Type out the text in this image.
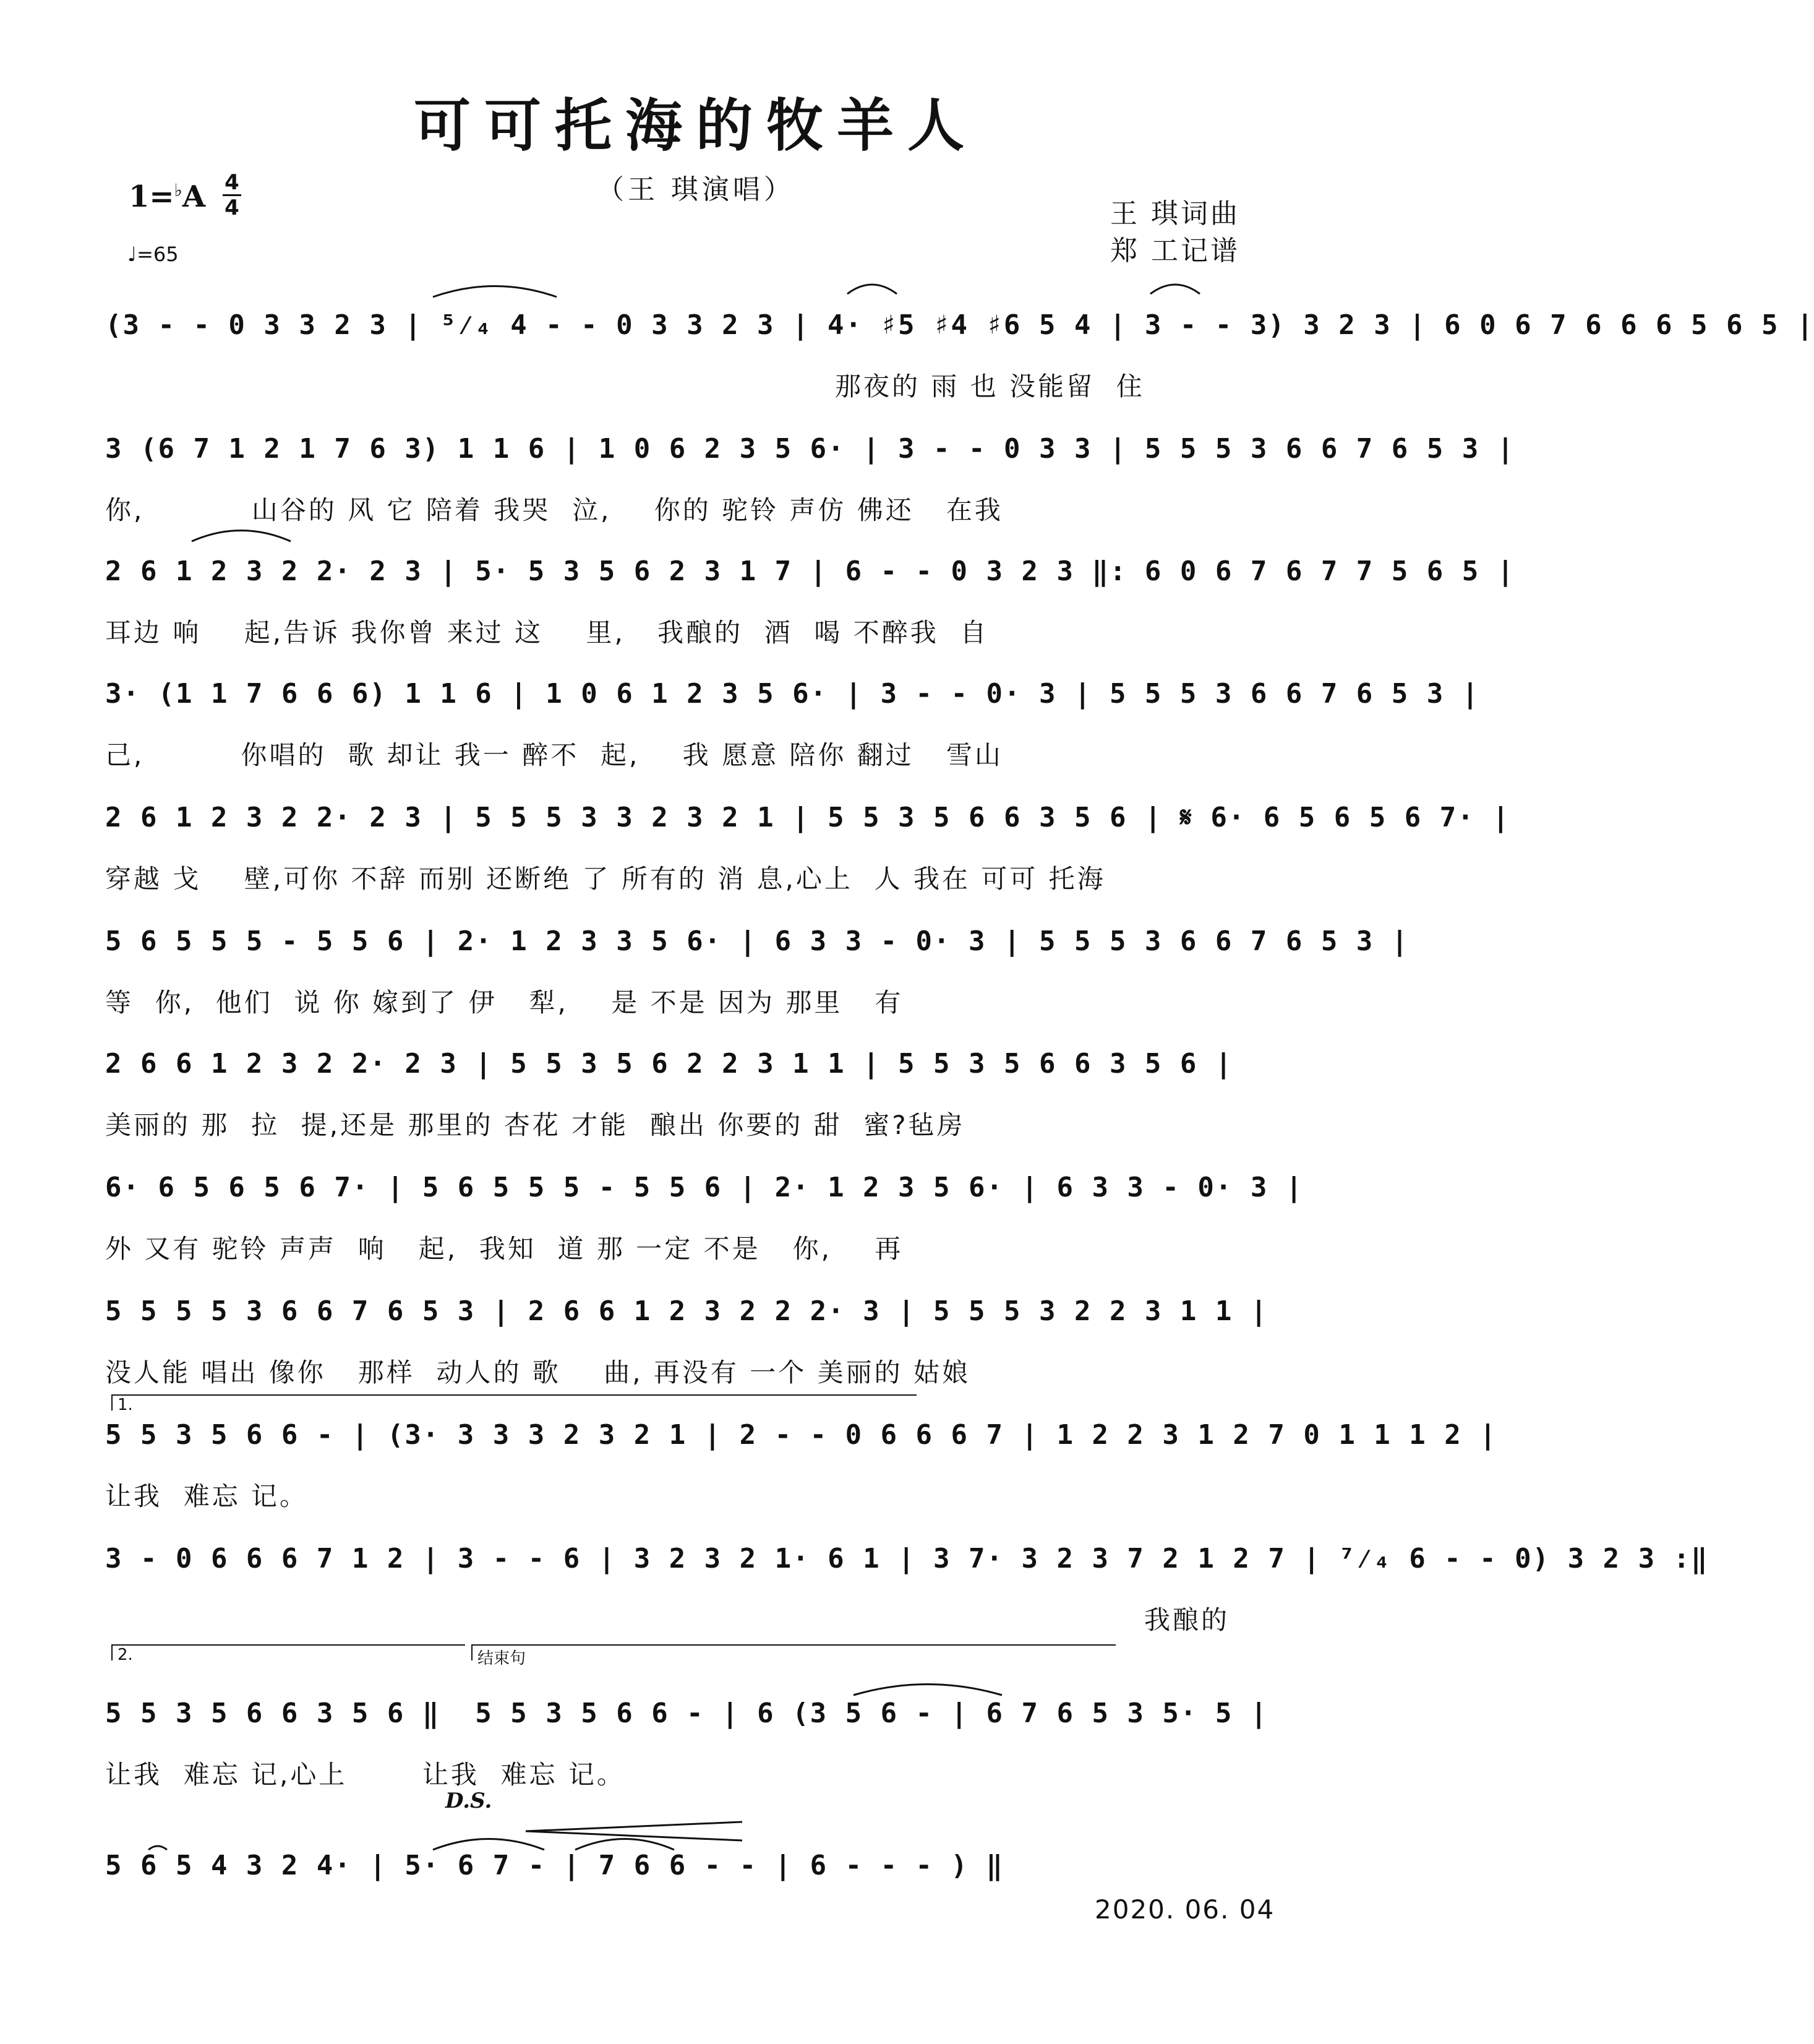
可可托海的牧羊人
（王 琪演唱）
1=♭A 4
4
♩=65
王 琪词曲
郑 工记谱
(3 - - 0 3 3 2 3 | ⁵⁄₄ 4 - - 0 3 3 2 3 | 4· ♯5 ♯4 ♯6 5 4 | 3 - - 3) 3 2 3 | 6 0 6 7 6 6 6 5 6 5 |
那夜的 雨 也 没能留  住
3 (6 7 1 2 1 7 6 3) 1 1 6 | 1 0 6 2 3 5 6· | 3 - - 0 3 3 | 5 5 5 3 6 6 7 6 5 3 |
你,          山谷的 风 它 陪着 我哭  泣,    你的 驼铃 声仿 佛还   在我
2 6 1 2 3 2 2· 2 3 | 5· 5 3 5 6 2 3 1 7 | 6 - - 0 3 2 3 ‖: 6 0 6 7 6 7 7 5 6 5 |
耳边 响    起,告诉 我你曾 来过 这    里,   我酿的  酒  喝 不醉我  自
3· (1 1 7 6 6 6) 1 1 6 | 1 0 6 1 2 3 5 6· | 3 - - 0· 3 | 5 5 5 3 6 6 7 6 5 3 |
己,         你唱的  歌 却让 我一 醉不  起,    我 愿意 陪你 翻过   雪山
2 6 1 2 3 2 2· 2 3 | 5 5 5 3 3 2 3 2 1 | 5 5 3 5 6 6 3 5 6 | 𝄋 6· 6 5 6 5 6 7· |
穿越 戈    壁,可你 不辞 而别 还断绝 了 所有的 消 息,心上  人 我在 可可 托海
5 6 5 5 5 - 5 5 6 | 2· 1 2 3 3 5 6· | 6 3 3 - 0· 3 | 5 5 5 3 6 6 7 6 5 3 |
等  你,  他们  说 你 嫁到了 伊   犁,    是 不是 因为 那里   有
2 6 6 1 2 3 2 2· 2 3 | 5 5 3 5 6 2 2 3 1 1 | 5 5 3 5 6 6 3 5 6 |
美丽的 那  拉  提,还是 那里的 杏花 才能  酿出 你要的 甜  蜜?毡房
6· 6 5 6 5 6 7· | 5 6 5 5 5 - 5 5 6 | 2· 1 2 3 5 6· | 6 3 3 - 0· 3 |
外 又有 驼铃 声声  响   起,  我知  道 那 一定 不是   你,    再
5 5 5 5 3 6 6 7 6 5 3 | 2 6 6 1 2 3 2 2 2· 3 | 5 5 5 3 2 2 3 1 1 |
没人能 唱出 像你   那样  动人的 歌    曲, 再没有 一个 美丽的 姑娘
1.
5 5 3 5 6 6 - | (3· 3 3 3 2 3 2 1 | 2 - - 0 6 6 6 7 | 1 2 2 3 1 2 7 0 1 1 1 2 |
让我  难忘 记。
3 - 0 6 6 6 7 1 2 | 3 - - 6 | 3 2 3 2 1· 6 1 | 3 7· 3 2 3 7 2 1 2 7 | ⁷⁄₄ 6 - - 0) 3 2 3 :‖
我酿的
2.	结束句
5 5 3 5 6 6 3 5 6 ‖  5 5 3 5 6 6 - | 6 (3 5 6 - | 6 7 6 5 3 5· 5 |
让我  难忘 记,心上       让我  难忘 记。
D.S.
5 6 5 4 3 2 4· | 5· 6 7 - | 7 6 6 - - | 6 - - - ) ‖
2020. 06. 04
